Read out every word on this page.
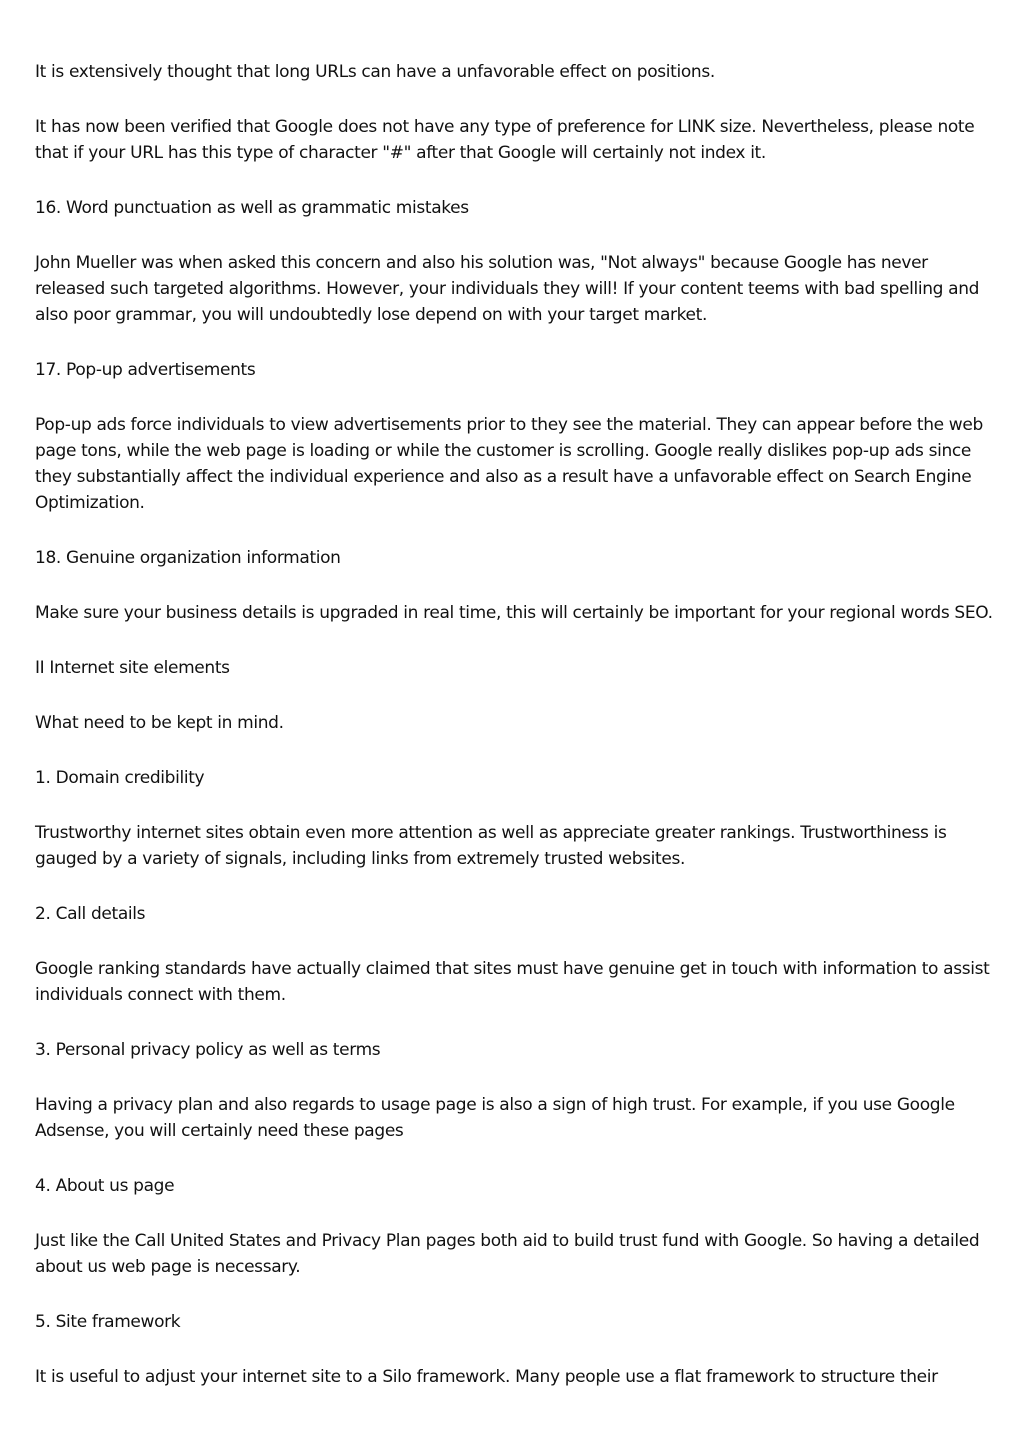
It is extensively thought that long URLs can have a unfavorable effect on positions.

It has now been verified that Google does not have any type of preference for LINK size. Nevertheless, please note that if your URL has this type of character "#" after that Google will certainly not index it.

16. Word punctuation as well as grammatic mistakes

John Mueller was when asked this concern and also his solution was, "Not always" because Google has never released such targeted algorithms. However, your individuals they will! If your content teems with bad spelling and also poor grammar, you will undoubtedly lose depend on with your target market.

17. Pop-up advertisements

Pop-up ads force individuals to view advertisements prior to they see the material. They can appear before the web page tons, while the web page is loading or while the customer is scrolling. Google really dislikes pop-up ads since they substantially affect the individual experience and also as a result have a unfavorable effect on Search Engine Optimization.

18. Genuine organization information

Make sure your business details is upgraded in real time, this will certainly be important for your regional words SEO.

II Internet site elements

What need to be kept in mind.

1. Domain credibility

Trustworthy internet sites obtain even more attention as well as appreciate greater rankings. Trustworthiness is gauged by a variety of signals, including links from extremely trusted websites.

2. Call details

Google ranking standards have actually claimed that sites must have genuine get in touch with information to assist individuals connect with them.

3. Personal privacy policy as well as terms

Having a privacy plan and also regards to usage page is also a sign of high trust. For example, if you use Google Adsense, you will certainly need these pages

4. About us page

Just like the Call United States and Privacy Plan pages both aid to build trust fund with Google. So having a detailed about us web page is necessary.

5. Site framework

It is useful to adjust your internet site to a Silo framework. Many people use a flat framework to structure their
